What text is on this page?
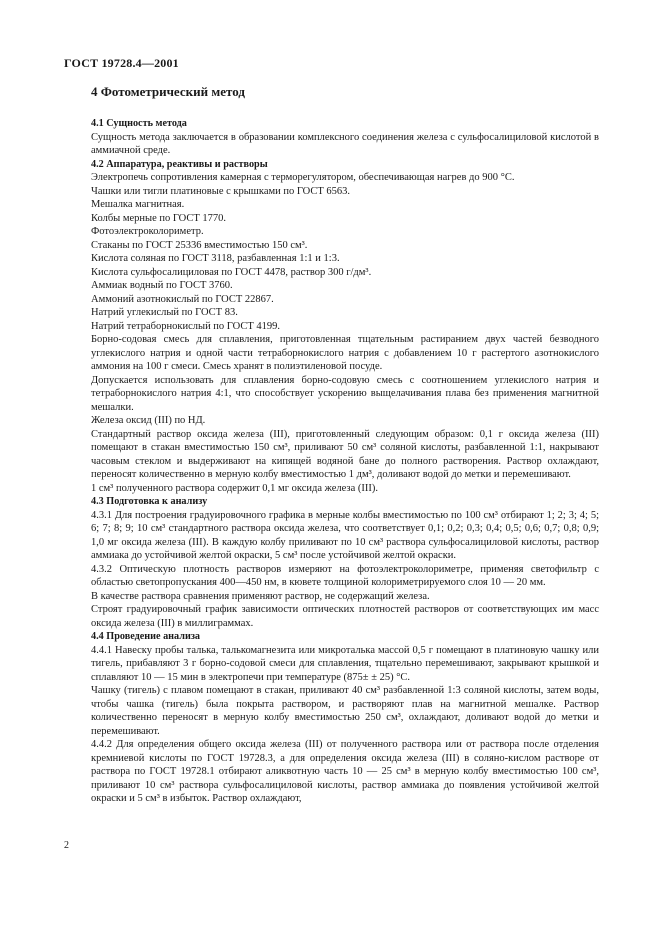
ГОСТ 19728.4—2001
4 Фотометрический метод
4.1 Сущность метода

Сущность метода заключается в образовании комплексного соединения железа с сульфосалициловой кислотой в аммиачной среде.

4.2 Аппаратура, реактивы и растворы

Электропечь сопротивления камерная с терморегулятором, обеспечивающая нагрев до 900 °С.

Чашки или тигли платиновые с крышками по ГОСТ 6563.

Мешалка магнитная.

Колбы мерные по ГОСТ 1770.

Фотоэлектроколориметр.

Стаканы по ГОСТ 25336 вместимостью 150 см³.

Кислота соляная по ГОСТ 3118, разбавленная 1:1 и 1:3.

Кислота сульфосалициловая по ГОСТ 4478, раствор 300 г/дм³.

Аммиак водный по ГОСТ 3760.

Аммоний азотнокислый по ГОСТ 22867.

Натрий углекислый по ГОСТ 83.

Натрий тетраборнокислый по ГОСТ 4199.

Борно-содовая смесь для сплавления, приготовленная тщательным растиранием двух частей безводного углекислого натрия и одной части тетраборнокислого натрия с добавлением 10 г растертого азотнокислого аммония на 100 г смеси. Смесь хранят в полиэтиленовой посуде.

Допускается использовать для сплавления борно-содовую смесь с соотношением углекислого натрия и тетраборнокислого натрия 4:1, что способствует ускорению выщелачивания плава без применения магнитной мешалки.

Железа оксид (III) по НД.

Стандартный раствор оксида железа (III), приготовленный следующим образом: 0,1 г оксида железа (III) помещают в стакан вместимостью 150 см³, приливают 50 см³ соляной кислоты, разбавленной 1:1, накрывают часовым стеклом и выдерживают на кипящей водяной бане до полного растворения. Раствор охлаждают, переносят количественно в мерную колбу вместимостью 1 дм³, доливают водой до метки и перемешивают.

1 см³ полученного раствора содержит 0,1 мг оксида железа (III).

4.3 Подготовка к анализу

4.3.1 Для построения градуировочного графика в мерные колбы вместимостью по 100 см³ отбирают 1; 2; 3; 4; 5; 6; 7; 8; 9; 10 см³ стандартного раствора оксида железа, что соответствует 0,1; 0,2; 0,3; 0,4; 0,5; 0,6; 0,7; 0,8; 0,9; 1,0 мг оксида железа (III). В каждую колбу приливают по 10 см³ раствора сульфосалициловой кислоты, раствор аммиака до устойчивой желтой окраски, 5 см³ после устойчивой желтой окраски.

4.3.2 Оптическую плотность растворов измеряют на фотоэлектроколориметре, применяя светофильтр с областью светопропускания 400—450 нм, в кювете толщиной колориметрируемого слоя 10 — 20 мм.

В качестве раствора сравнения применяют раствор, не содержащий железа.

Строят градуировочный график зависимости оптических плотностей растворов от соответствующих им масс оксида железа (III) в миллиграммах.

4.4 Проведение анализа

4.4.1 Навеску пробы талька, талькомагнезита или микроталька массой 0,5 г помещают в платиновую чашку или тигель, прибавляют 3 г борно-содовой смеси для сплавления, тщательно перемешивают, закрывают крышкой и сплавляют 10 — 15 мин в электропечи при температуре (875± ± 25) °С.

Чашку (тигель) с плавом помещают в стакан, приливают 40 см³ разбавленной 1:3 соляной кислоты, затем воды, чтобы чашка (тигель) была покрыта раствором, и растворяют плав на магнитной мешалке. Раствор количественно переносят в мерную колбу вместимостью 250 см³, охлаждают, доливают водой до метки и перемешивают.

4.4.2 Для определения общего оксида железа (III) от полученного раствора или от раствора после отделения кремниевой кислоты по ГОСТ 19728.3, а для определения оксида железа (III) в соляно-кислом растворе от раствора по ГОСТ 19728.1 отбирают аликвотную часть 10 — 25 см³ в мерную колбу вместимостью 100 см³, приливают 10 см³ раствора сульфосалициловой кислоты, раствор аммиака до появления устойчивой желтой окраски и 5 см³ в избыток. Раствор охлаждают,

2
